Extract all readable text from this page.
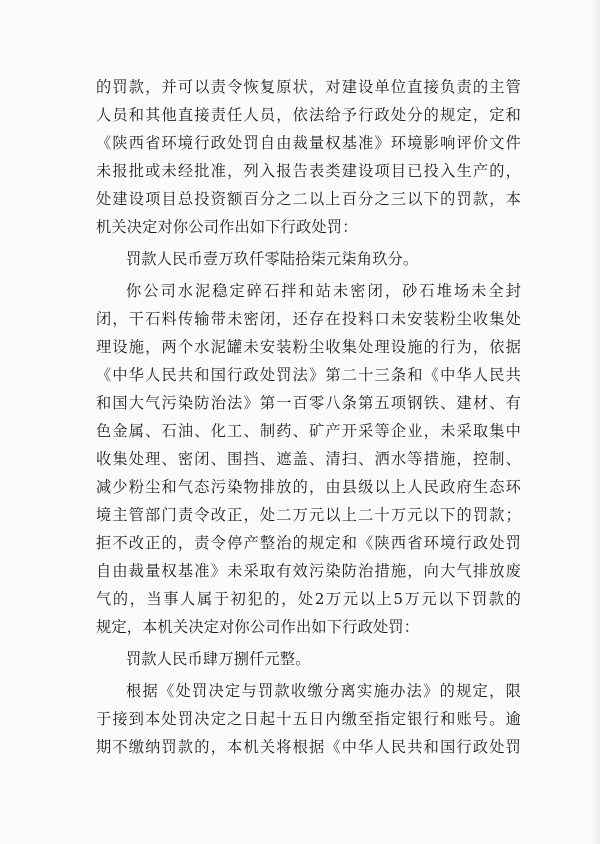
的罚款，并可以责令恢复原状，对建设单位直接负责的主管
人员和其他直接责任人员，依法给予行政处分的规定，定和
《陕西省环境行政处罚自由裁量权基准》环境影响评价文件
未报批或未经批准，列入报告表类建设项目已投入生产的，
处建设项目总投资额百分之二以上百分之三以下的罚款，本
机关决定对你公司作出如下行政处罚：
罚款人民币壹万玖仟零陆拾柒元柒角玖分。
你公司水泥稳定碎石拌和站未密闭，砂石堆场未全封
闭，干石料传输带未密闭，还存在投料口未安装粉尘收集处
理设施，两个水泥罐未安装粉尘收集处理设施的行为，依据
《中华人民共和国行政处罚法》第二十三条和《中华人民共
和国大气污染防治法》第一百零八条第五项钢铁、建材、有
色金属、石油、化工、制药、矿产开采等企业，未采取集中
收集处理、密闭、围挡、遮盖、清扫、洒水等措施，控制、
减少粉尘和气态污染物排放的，由县级以上人民政府生态环
境主管部门责令改正，处二万元以上二十万元以下的罚款；
拒不改正的，责令停产整治的规定和《陕西省环境行政处罚
自由裁量权基准》未采取有效污染防治措施，向大气排放废
气的，当事人属于初犯的，处2万元以上5万元以下罚款的
规定，本机关决定对你公司作出如下行政处罚：
罚款人民币肆万捌仟元整。
根据《处罚决定与罚款收缴分离实施办法》的规定，限
于接到本处罚决定之日起十五日内缴至指定银行和账号。逾
期不缴纳罚款的，本机关将根据《中华人民共和国行政处罚
